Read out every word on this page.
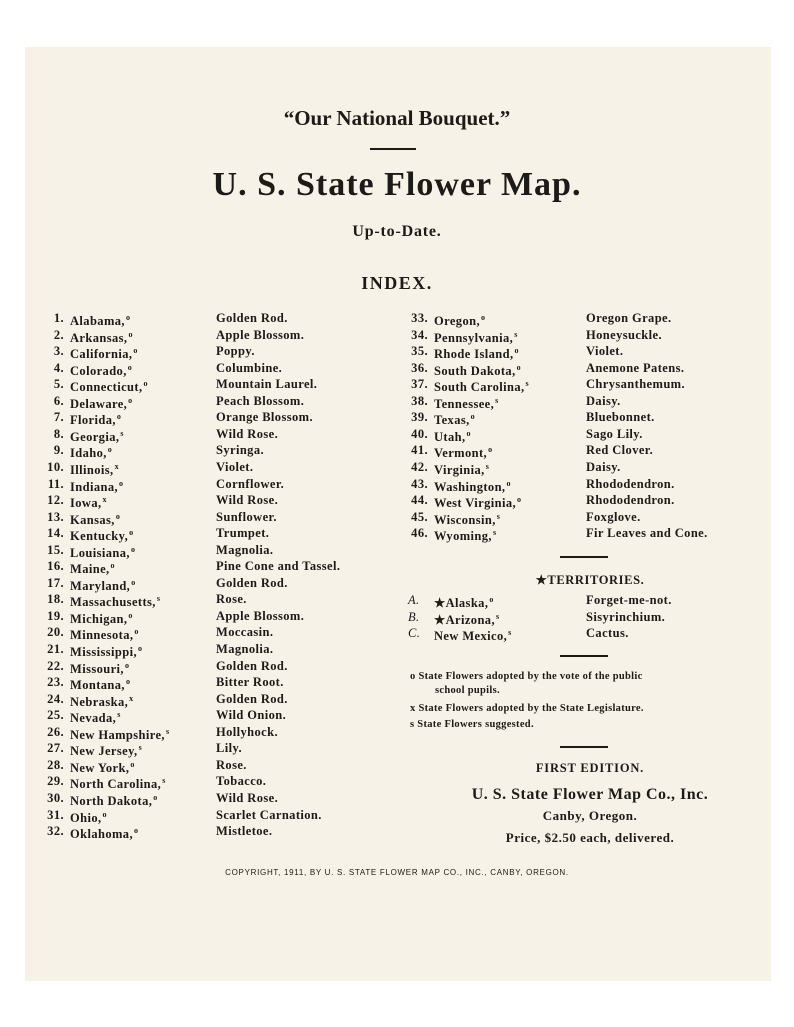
“Our National Bouquet.”
U. S. State Flower Map.
Up-to-Date.
INDEX.
1. Alabama,$^o$	Golden Rod.
2. Arkansas,$^o$	Apple Blossom.
3. California,$^o$	Poppy.
4. Colorado,$^o$	Columbine.
5. Connecticut,$^o$	Mountain Laurel.
6. Delaware,$^o$	Peach Blossom.
7. Florida,$^o$	Orange Blossom.
8. Georgia,$^s$	Wild Rose.
9. Idaho,$^o$	Syringa.
10. Illinois,$^x$	Violet.
11. Indiana,$^o$	Cornflower.
12. Iowa,$^x$	Wild Rose.
13. Kansas,$^o$	Sunflower.
14. Kentucky,$^o$	Trumpet.
15. Louisiana,$^o$	Magnolia.
16. Maine,$^o$	Pine Cone and Tassel.
17. Maryland,$^o$	Golden Rod.
18. Massachusetts,$^s$	Rose.
19. Michigan,$^o$	Apple Blossom.
20. Minnesota,$^o$	Moccasin.
21. Mississippi,$^o$	Magnolia.
22. Missouri,$^o$	Golden Rod.
23. Montana,$^o$	Bitter Root.
24. Nebraska,$^x$	Golden Rod.
25. Nevada,$^s$	Wild Onion.
26. New Hampshire,$^s$	Hollyhock.
27. New Jersey,$^s$	Lily.
28. New York,$^o$	Rose.
29. North Carolina,$^s$	Tobacco.
30. North Dakota,$^o$	Wild Rose.
31. Ohio,$^o$	Scarlet Carnation.
32. Oklahoma,$^o$	Mistletoe.
33. Oregon,$^o$	Oregon Grape.
34. Pennsylvania,$^s$	Honeysuckle.
35. Rhode Island,$^o$	Violet.
36. South Dakota,$^o$	Anemone Patens.
37. South Carolina,$^s$	Chrysanthemum.
38. Tennessee,$^s$	Daisy.
39. Texas,$^o$	Bluebonnet.
40. Utah,$^o$	Sago Lily.
41. Vermont,$^o$	Red Clover.
42. Virginia,$^s$	Daisy.
43. Washington,$^o$	Rhododendron.
44. West Virginia,$^o$	Rhododendron.
45. Wisconsin,$^s$	Foxglove.
46. Wyoming,$^s$	Fir Leaves and Cone.
★TERRITORIES.
A.	★Alaska,$^o$	Forget-me-not.
B.	★Arizona,$^s$	Sisyrinchium.
C.	New Mexico,$^s$	Cactus.
o State Flowers adopted by the vote of the public
school pupils.
x State Flowers adopted by the State Legislature.
s State Flowers suggested.
FIRST EDITION.
U. S. State Flower Map Co., Inc.
Canby, Oregon.
Price, $2.50 each, delivered.
COPYRIGHT, 1911, BY U. S. STATE FLOWER MAP CO., INC., CANBY, OREGON.
